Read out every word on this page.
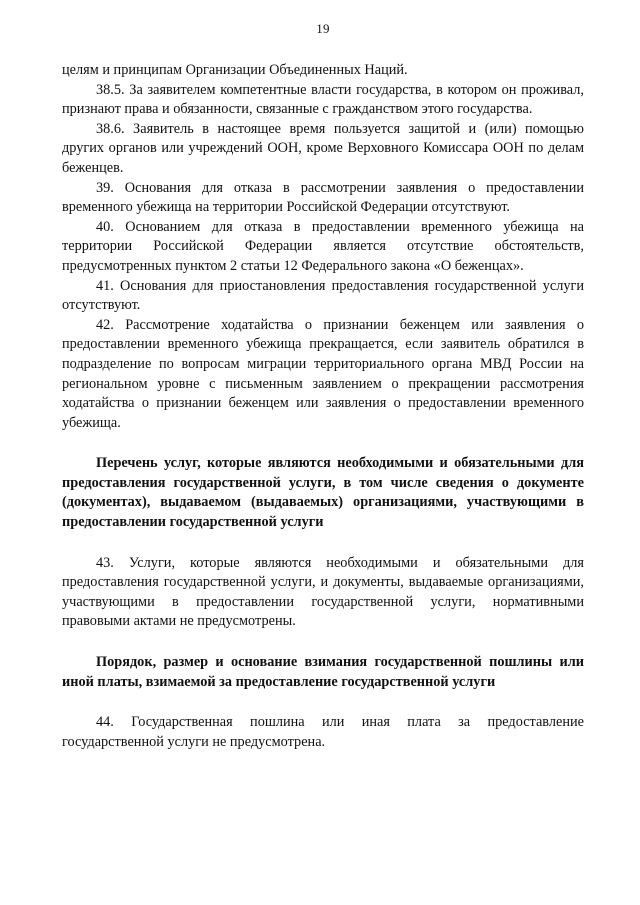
19

целям и принципам Организации Объединенных Наций.

38.5. За заявителем компетентные власти государства, в котором он проживал, признают права и обязанности, связанные с гражданством этого государства.

38.6. Заявитель в настоящее время пользуется защитой и (или) помощью других органов или учреждений ООН, кроме Верховного Комиссара ООН по делам беженцев.

39. Основания для отказа в рассмотрении заявления о предоставлении временного убежища на территории Российской Федерации отсутствуют.

40. Основанием для отказа в предоставлении временного убежища на территории Российской Федерации является отсутствие обстоятельств, предусмотренных пунктом 2 статьи 12 Федерального закона «О беженцах».

41. Основания для приостановления предоставления государственной услуги отсутствуют.

42. Рассмотрение ходатайства о признании беженцем или заявления о предоставлении временного убежища прекращается, если заявитель обратился в подразделение по вопросам миграции территориального органа МВД России на региональном уровне с письменным заявлением о прекращении рассмотрения ходатайства о признании беженцем или заявления о предоставлении временного убежища.

Перечень услуг, которые являются необходимыми и обязательными для предоставления государственной услуги, в том числе сведения о документе (документах), выдаваемом (выдаваемых) организациями, участвующими в предоставлении государственной услуги

43. Услуги, которые являются необходимыми и обязательными для предоставления государственной услуги, и документы, выдаваемые организациями, участвующими в предоставлении государственной услуги, нормативными правовыми актами не предусмотрены.

Порядок, размер и основание взимания государственной пошлины или иной платы, взимаемой за предоставление государственной услуги

44. Государственная пошлина или иная плата за предоставление государственной услуги не предусмотрена.
